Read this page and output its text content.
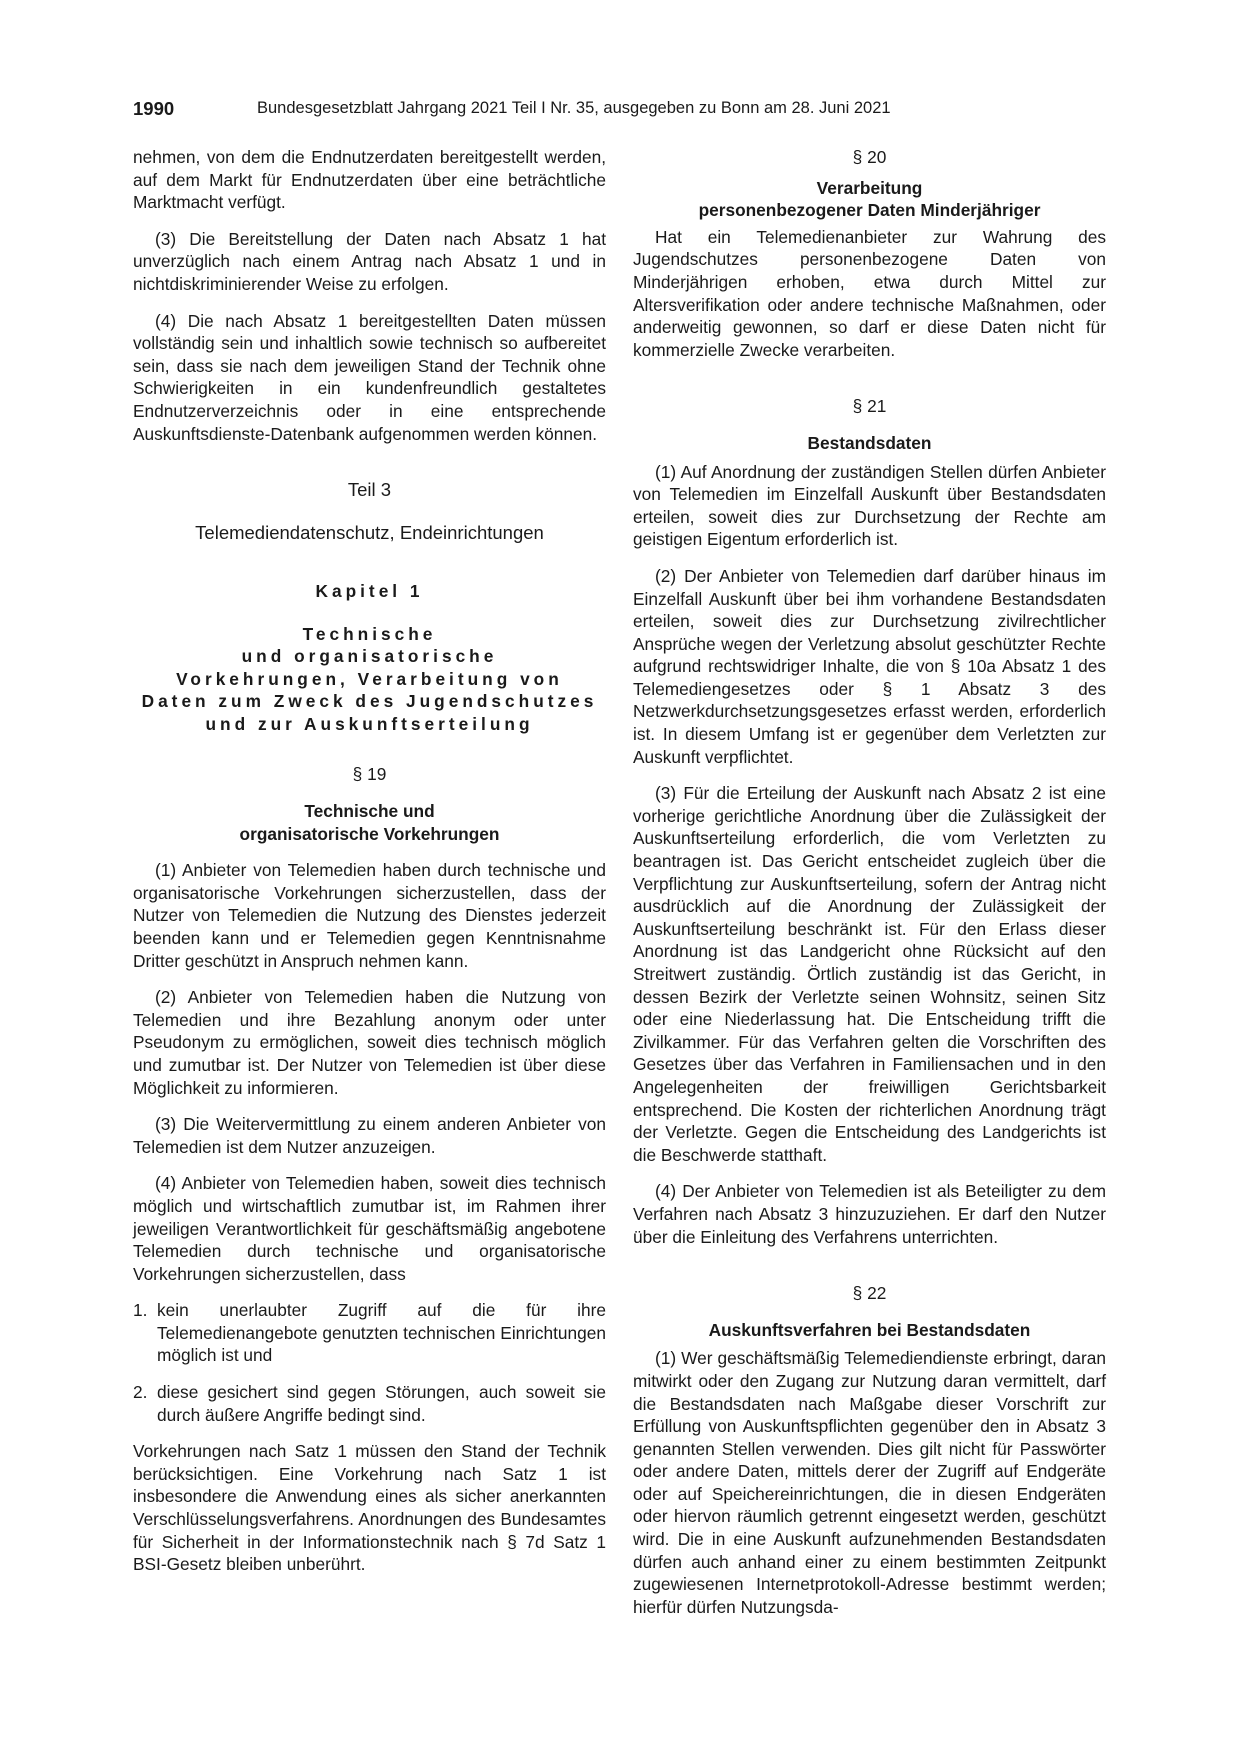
1990	Bundesgesetzblatt Jahrgang 2021 Teil I Nr. 35, ausgegeben zu Bonn am 28. Juni 2021

nehmen, von dem die Endnutzerdaten bereitgestellt werden, auf dem Markt für Endnutzerdaten über eine beträchtliche Marktmacht verfügt.

(3) Die Bereitstellung der Daten nach Absatz 1 hat unverzüglich nach einem Antrag nach Absatz 1 und in nichtdiskriminierender Weise zu erfolgen.

(4) Die nach Absatz 1 bereitgestellten Daten müssen vollständig sein und inhaltlich sowie technisch so aufbereitet sein, dass sie nach dem jeweiligen Stand der Technik ohne Schwierigkeiten in ein kundenfreundlich gestaltetes Endnutzerverzeichnis oder in eine entsprechende Auskunftsdienste-Datenbank aufgenommen werden können.

Teil 3
Telemediendatenschutz, Endeinrichtungen
Kapitel 1
Technische
und organisatorische
Vorkehrungen, Verarbeitung von
Daten zum Zweck des Jugendschutzes
und zur Auskunftserteilung
§ 19
Technische und
organisatorische Vorkehrungen

(1) Anbieter von Telemedien haben durch technische und organisatorische Vorkehrungen sicherzustellen, dass der Nutzer von Telemedien die Nutzung des Dienstes jederzeit beenden kann und er Telemedien gegen Kenntnisnahme Dritter geschützt in Anspruch nehmen kann.

(2) Anbieter von Telemedien haben die Nutzung von Telemedien und ihre Bezahlung anonym oder unter Pseudonym zu ermöglichen, soweit dies technisch möglich und zumutbar ist. Der Nutzer von Telemedien ist über diese Möglichkeit zu informieren.

(3) Die Weitervermittlung zu einem anderen Anbieter von Telemedien ist dem Nutzer anzuzeigen.

(4) Anbieter von Telemedien haben, soweit dies technisch möglich und wirtschaftlich zumutbar ist, im Rahmen ihrer jeweiligen Verantwortlichkeit für geschäftsmäßig angebotene Telemedien durch technische und organisatorische Vorkehrungen sicherzustellen, dass

1. kein unerlaubter Zugriff auf die für ihre Telemedienangebote genutzten technischen Einrichtungen möglich ist und
2. diese gesichert sind gegen Störungen, auch soweit sie durch äußere Angriffe bedingt sind.

Vorkehrungen nach Satz 1 müssen den Stand der Technik berücksichtigen. Eine Vorkehrung nach Satz 1 ist insbesondere die Anwendung eines als sicher anerkannten Verschlüsselungsverfahrens. Anordnungen des Bundesamtes für Sicherheit in der Informationstechnik nach § 7d Satz 1 BSI-Gesetz bleiben unberührt.

§ 20
Verarbeitung
personenbezogener Daten Minderjähriger

Hat ein Telemedienanbieter zur Wahrung des Jugendschutzes personenbezogene Daten von Minderjährigen erhoben, etwa durch Mittel zur Altersverifikation oder andere technische Maßnahmen, oder anderweitig gewonnen, so darf er diese Daten nicht für kommerzielle Zwecke verarbeiten.

§ 21
Bestandsdaten

(1) Auf Anordnung der zuständigen Stellen dürfen Anbieter von Telemedien im Einzelfall Auskunft über Bestandsdaten erteilen, soweit dies zur Durchsetzung der Rechte am geistigen Eigentum erforderlich ist.

(2) Der Anbieter von Telemedien darf darüber hinaus im Einzelfall Auskunft über bei ihm vorhandene Bestandsdaten erteilen, soweit dies zur Durchsetzung zivilrechtlicher Ansprüche wegen der Verletzung absolut geschützter Rechte aufgrund rechtswidriger Inhalte, die von § 10a Absatz 1 des Telemediengesetzes oder § 1 Absatz 3 des Netzwerkdurchsetzungsgesetzes erfasst werden, erforderlich ist. In diesem Umfang ist er gegenüber dem Verletzten zur Auskunft verpflichtet.

(3) Für die Erteilung der Auskunft nach Absatz 2 ist eine vorherige gerichtliche Anordnung über die Zulässigkeit der Auskunftserteilung erforderlich, die vom Verletzten zu beantragen ist. Das Gericht entscheidet zugleich über die Verpflichtung zur Auskunftserteilung, sofern der Antrag nicht ausdrücklich auf die Anordnung der Zulässigkeit der Auskunftserteilung beschränkt ist. Für den Erlass dieser Anordnung ist das Landgericht ohne Rücksicht auf den Streitwert zuständig. Örtlich zuständig ist das Gericht, in dessen Bezirk der Verletzte seinen Wohnsitz, seinen Sitz oder eine Niederlassung hat. Die Entscheidung trifft die Zivilkammer. Für das Verfahren gelten die Vorschriften des Gesetzes über das Verfahren in Familiensachen und in den Angelegenheiten der freiwilligen Gerichtsbarkeit entsprechend. Die Kosten der richterlichen Anordnung trägt der Verletzte. Gegen die Entscheidung des Landgerichts ist die Beschwerde statthaft.

(4) Der Anbieter von Telemedien ist als Beteiligter zu dem Verfahren nach Absatz 3 hinzuzuziehen. Er darf den Nutzer über die Einleitung des Verfahrens unterrichten.

§ 22
Auskunftsverfahren bei Bestandsdaten

(1) Wer geschäftsmäßig Telemediendienste erbringt, daran mitwirkt oder den Zugang zur Nutzung daran vermittelt, darf die Bestandsdaten nach Maßgabe dieser Vorschrift zur Erfüllung von Auskunftspflichten gegenüber den in Absatz 3 genannten Stellen verwenden. Dies gilt nicht für Passwörter oder andere Daten, mittels derer der Zugriff auf Endgeräte oder auf Speichereinrichtungen, die in diesen Endgeräten oder hiervon räumlich getrennt eingesetzt werden, geschützt wird. Die in eine Auskunft aufzunehmenden Bestandsdaten dürfen auch anhand einer zu einem bestimmten Zeitpunkt zugewiesenen Internetprotokoll-Adresse bestimmt werden; hierfür dürfen Nutzungsda-
